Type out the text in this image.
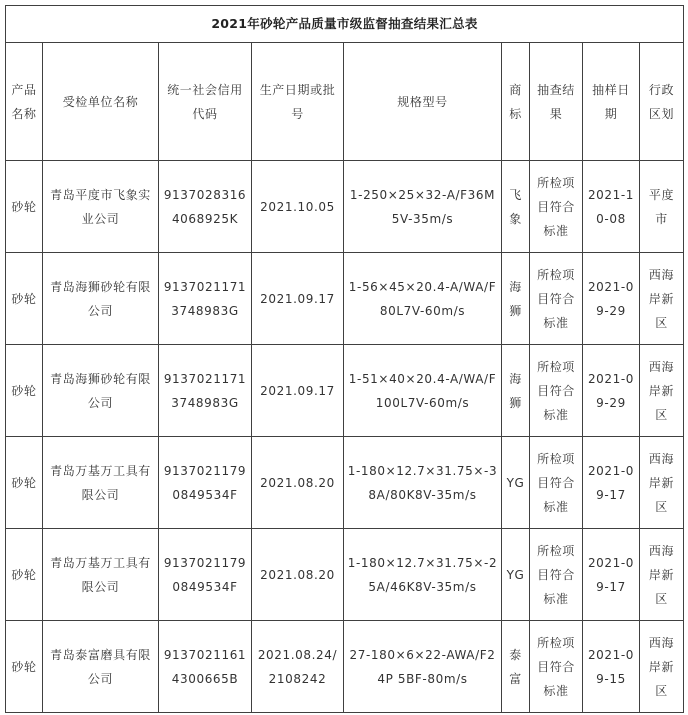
2021年砂轮产品质量市级监督抽查结果汇总表								
产品名称	受检单位名称	统一社会信用代码	生产日期或批号	规格型号	商标	抽查结果	抽样日期	行政区划
砂轮	青岛平度市飞象实业公司	913702831640689​25K	2021.10.05	1-250×25×32-A/F36M5V-35m/s	飞象	所检项目符合标准	2021-10-08	平度市
砂轮	青岛海狮砂轮有限公司	91370211713748983G	2021.09.17	1-56×45×20.4-A/WA/F80L7V-60m/s	海狮	所检项目符合标准	2021-09-29	西海岸新区
砂轮	青岛海狮砂轮有限公司	91370211713748983G	2021.09.17	1-51×40×20.4-A/WA/F100L7V-60m/s	海狮	所检项目符合标准	2021-09-29	西海岸新区
砂轮	青岛万基万工具有限公司	91370211790849534F	2021.08.20	1-180×12.7×31.75×-38A/80K8V-35m/s	YG	所检项目符合标准	2021-09-17	西海岸新区
砂轮	青岛万基万工具有限公司	91370211790849534F	2021.08.20	1-180×12.7×31.75×-25A/46K8V-35m/s	YG	所检项目符合标准	2021-09-17	西海岸新区
砂轮	青岛泰富磨具有限公司	91370211614300665B	2021.08.24/2108242	27-180×6×22-AWA/F24P 5BF-80m/s	泰富	所检项目符合标准	2021-09-15	西海岸新区
